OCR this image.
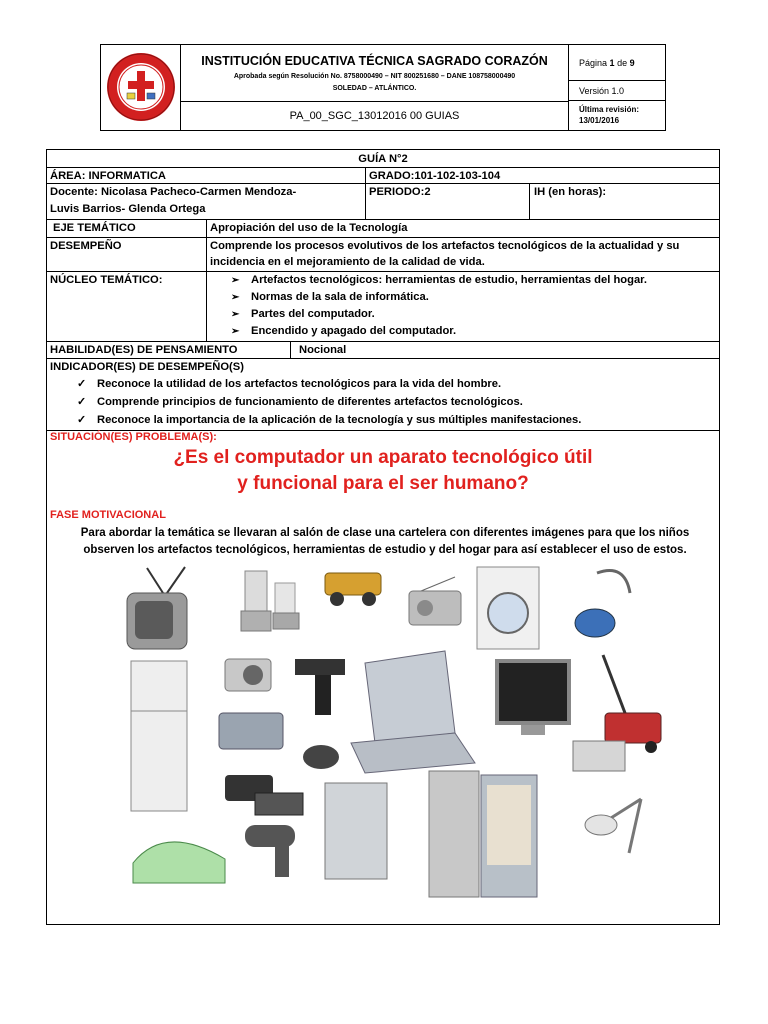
INSTITUCIÓN EDUCATIVA TÉCNICA SAGRADO CORAZÓN
Aprobada según Resolución No. 8758000490 – NIT 800251680 – DANE 108758000490
SOLEDAD – ATLÁNTICO.
PA_00_SGC_13012016 00 GUIAS
Página 1 de 9
Versión 1.0
Última revisión:
13/01/2016
GUÍA N°2
ÁREA: INFORMATICA	GRADO:101-102-103-104
Docente: Nicolasa Pacheco-Carmen Mendoza-
Luvis Barrios- Glenda Ortega
PERIODO:2	IH (en horas):
EJE TEMÁTICO	Apropiación del uso de la Tecnología
DESEMPEÑO	Comprende los procesos evolutivos de los artefactos tecnológicos de la actualidad y su
incidencia en el mejoramiento de la calidad de vida.
NÚCLEO TEMÁTICO:	➢ Artefactos tecnológicos: herramientas de estudio, herramientas del hogar.
➢ Normas de la sala de informática.
➢ Partes del computador.
➢ Encendido y apagado del computador.
HABILIDAD(ES) DE PENSAMIENTO	Nocional
INDICADOR(ES) DE DESEMPEÑO(S)
✓ Reconoce la utilidad de los artefactos tecnológicos para la vida del hombre.
✓ Comprende principios de funcionamiento de diferentes artefactos tecnológicos.
✓ Reconoce la importancia de la aplicación de la tecnología y sus múltiples manifestaciones.
SITUACIÓN(ES) PROBLEMA(S):
¿Es el computador un aparato tecnológico útil
y funcional para el ser humano?
FASE MOTIVACIONAL
Para abordar la temática se llevaran al salón de clase una cartelera con diferentes imágenes para que los niños
observen los artefactos tecnológicos, herramientas de estudio y del hogar para así establecer el uso de estos.
